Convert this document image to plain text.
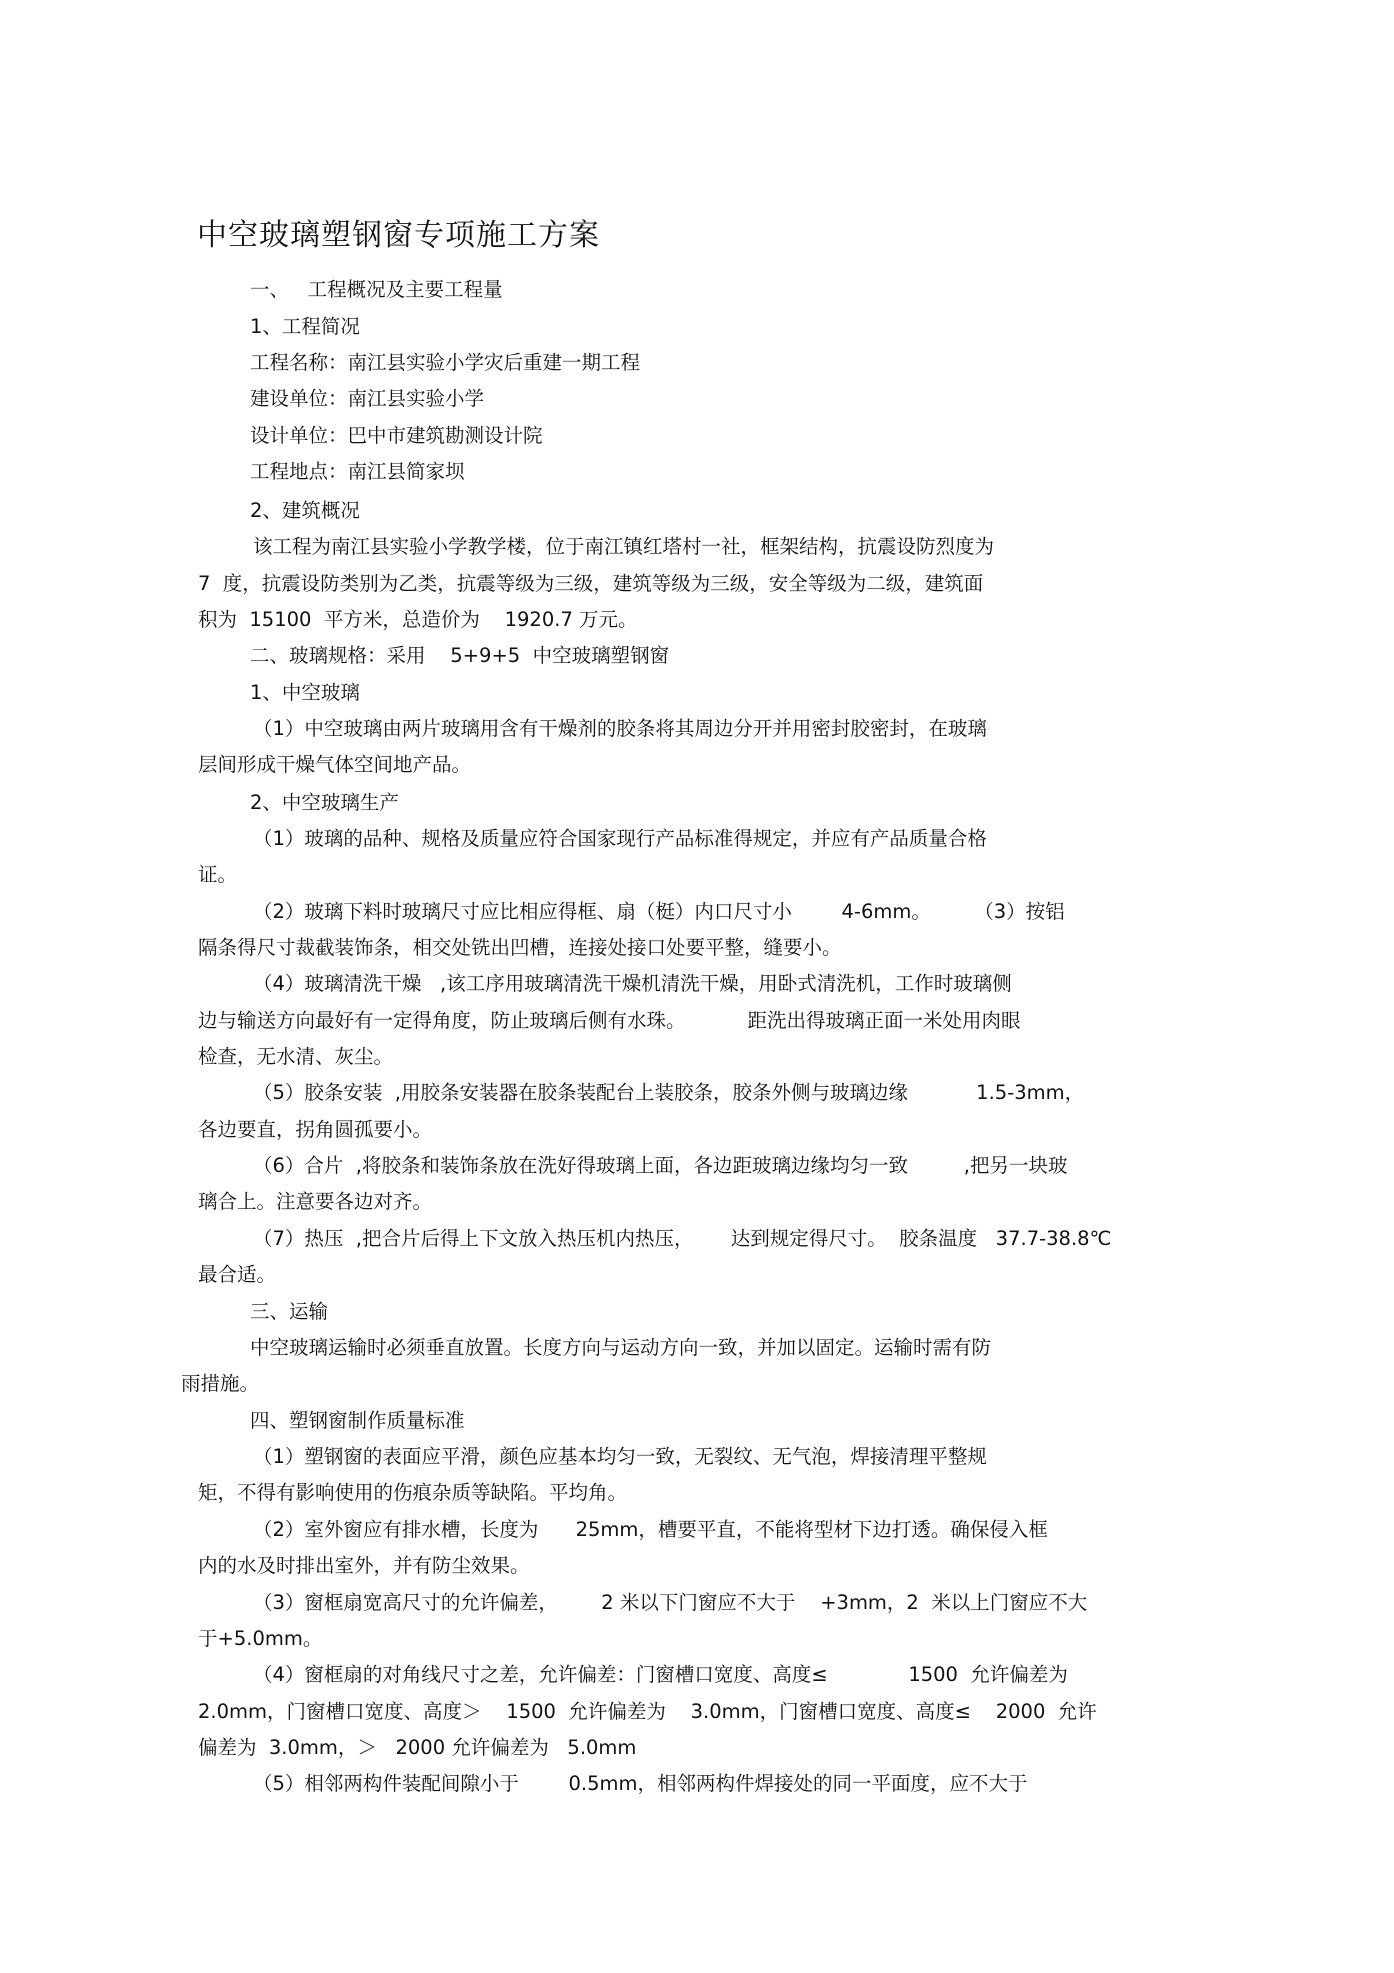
中空玻璃塑钢窗专项施工方案
一、   工程概况及主要工程量
1、工程简况
工程名称：南江县实验小学灾后重建一期工程
建设单位：南江县实验小学
设计单位：巴中市建筑勘测设计院
工程地点：南江县简家坝
2、建筑概况
该工程为南江县实验小学教学楼，位于南江镇红塔村一社，框架结构，抗震设防烈度为
7  度，抗震设防类别为乙类，抗震等级为三级，建筑等级为三级，安全等级为二级，建筑面
积为  15100  平方米，总造价为    1920.7 万元。
二、玻璃规格：采用    5+9+5  中空玻璃塑钢窗
1、中空玻璃
（1）中空玻璃由两片玻璃用含有干燥剂的胶条将其周边分开并用密封胶密封，在玻璃
层间形成干燥气体空间地产品。
2、中空玻璃生产
（1）玻璃的品种、规格及质量应符合国家现行产品标准得规定，并应有产品质量合格
证。
（2）玻璃下料时玻璃尺寸应比相应得框、扇（梃）内口尺寸小        4-6mm。       （3）按铝
隔条得尺寸裁截装饰条，相交处铣出凹槽，连接处接口处要平整，缝要小。
（4）玻璃清洗干燥   ,该工序用玻璃清洗干燥机清洗干燥，用卧式清洗机，工作时玻璃侧
边与输送方向最好有一定得角度，防止玻璃后侧有水珠。          距洗出得玻璃正面一米处用肉眼
检查，无水清、灰尘。
（5）胶条安装  ,用胶条安装器在胶条装配台上装胶条，胶条外侧与玻璃边缘           1.5-3mm，
各边要直，拐角圆孤要小。
（6）合片  ,将胶条和装饰条放在洗好得玻璃上面，各边距玻璃边缘均匀一致         ,把另一块玻
璃合上。注意要各边对齐。
（7）热压  ,把合片后得上下文放入热压机内热压，      达到规定得尺寸。  胶条温度   37.7-38.8℃
最合适。
三、运输
中空玻璃运输时必须垂直放置。长度方向与运动方向一致，并加以固定。运输时需有防
雨措施。
四、塑钢窗制作质量标准
（1）塑钢窗的表面应平滑，颜色应基本均匀一致，无裂纹、无气泡，焊接清理平整规
矩，不得有影响使用的伤痕杂质等缺陷。平均角。
（2）室外窗应有排水槽，长度为      25mm，槽要平直，不能将型材下边打透。确保侵入框
内的水及时排出室外，并有防尘效果。
（3）窗框扇宽高尺寸的允许偏差，       2 米以下门窗应不大于    +3mm，2  米以上门窗应不大
于+5.0mm。
（4）窗框扇的对角线尺寸之差，允许偏差：门窗槽口宽度、高度≤             1500  允许偏差为
2.0mm，门窗槽口宽度、高度＞    1500  允许偏差为    3.0mm，门窗槽口宽度、高度≤    2000  允许
偏差为  3.0mm，＞   2000 允许偏差为   5.0mm
（5）相邻两构件装配间隙小于        0.5mm，相邻两构件焊接处的同一平面度，应不大于
